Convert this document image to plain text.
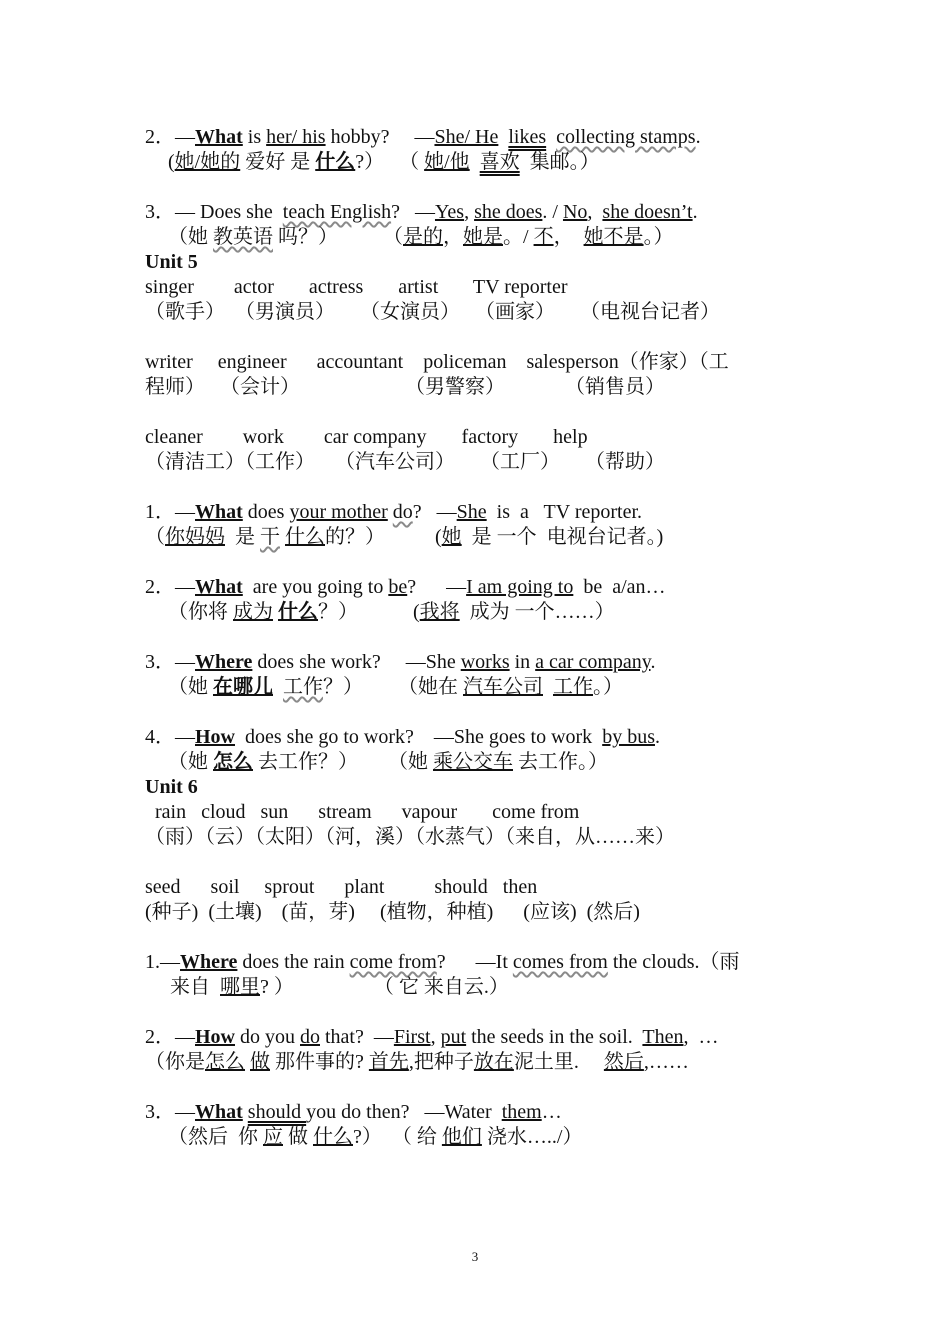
2．—What is her/ his hobby?     —She/ He likes collecting stamps.
(她/她的 爱好 是 什么?）   （ 她/他 喜欢  集邮。）
3．— Does she  teach English?   —Yes, she does. / No,  she doesn’t.
（她 教英语 吗？）         （是的，她是。/ 不，  她不是。）
Unit 5
singer        actor       actress       artist       TV reporter
（歌手）  （男演员）     （女演员）   （画家）     （电视台记者）
writer     engineer      accountant    policeman    salesperson（作家）（工
程师）   （会计）                     （男警察）            （销售员）
cleaner        work        car company       factory       help
（清洁工）（工作）    （汽车公司）     （工厂）     （帮助）
1．—What does your mother do?   —She  is  a   TV reporter.
（你妈妈  是 干 什么的？）          (她  是 一个  电视台记者。)
2．—What  are you going to be?      —I am going to  be  a/an…
（你将 成为 什么？）           (我将  成为 一个……）
3．—Where does she work?     —She works in a car company.
（她 在哪儿 工作？）       （她在 汽车公司 工作。）
4．—How  does she go to work?    —She goes to work  by bus.
（她 怎么 去工作？）      （她 乘公交车 去工作。）
Unit 6
rain   cloud   sun      stream      vapour       come from
（雨）（云）（太阳）（河，溪）（水蒸气）（来自，从……来）
seed      soil     sprout      plant          should   then
(种子)  (土壤)    (苗，芽)     (植物，种植)      (应该)  (然后)
1.—Where does the rain come from?      —It comes from the clouds.（雨
来自  哪里? ）                （ 它 来自云.）
2．—How do you do that?  —First, put the seeds in the soil.  Then,  …
（你是怎么 做 那件事的? 首先,把种子放在泥土里.     然后,……
3．—What should you do then?   —Water  them…
（然后  你 应 做 什么?）  （ 给 他们 浇水…../）
3
